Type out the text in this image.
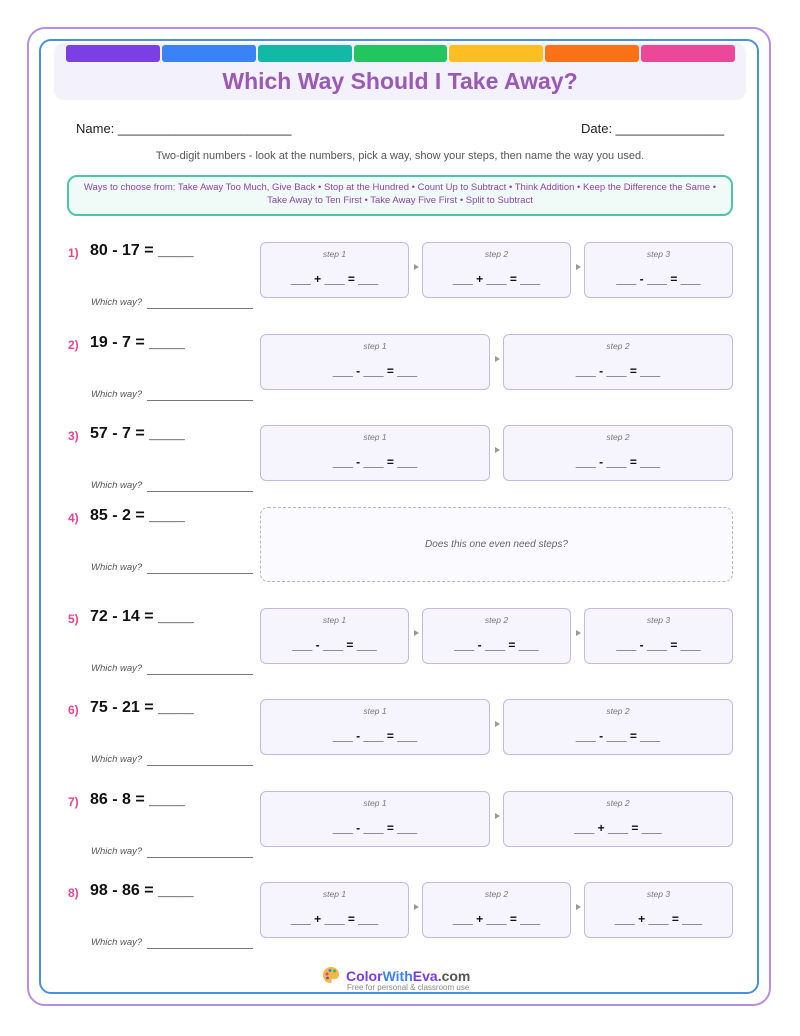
Which Way Should I Take Away?
Name: ________________________	Date: _______________
Two-digit numbers - look at the numbers, pick a way, show your steps, then name the way you used.
Ways to choose from: Take Away Too Much, Give Back • Stop at the Hundred • Count Up to Subtract • Think Addition • Keep the Difference the Same • Take Away to Ten First • Take Away Five First • Split to Subtract
1) 80 - 17 = ____
Which way?
step 1
___ + ___ = ___
step 2
___ + ___ = ___
step 3
___ - ___ = ___
2) 19 - 7 = ____
Which way?
step 1
___ - ___ = ___
step 2
___ - ___ = ___
3) 57 - 7 = ____
Which way?
step 1
___ - ___ = ___
step 2
___ - ___ = ___
4) 85 - 2 = ____
Which way?
Does this one even need steps?
5) 72 - 14 = ____
Which way?
step 1
___ - ___ = ___
step 2
___ - ___ = ___
step 3
___ - ___ = ___
6) 75 - 21 = ____
Which way?
step 1
___ - ___ = ___
step 2
___ - ___ = ___
7) 86 - 8 = ____
Which way?
step 1
___ - ___ = ___
step 2
___ + ___ = ___
8) 98 - 86 = ____
Which way?
step 1
___ + ___ = ___
step 2
___ + ___ = ___
step 3
___ + ___ = ___
ColorWithEva.com
Free for personal & classroom use
